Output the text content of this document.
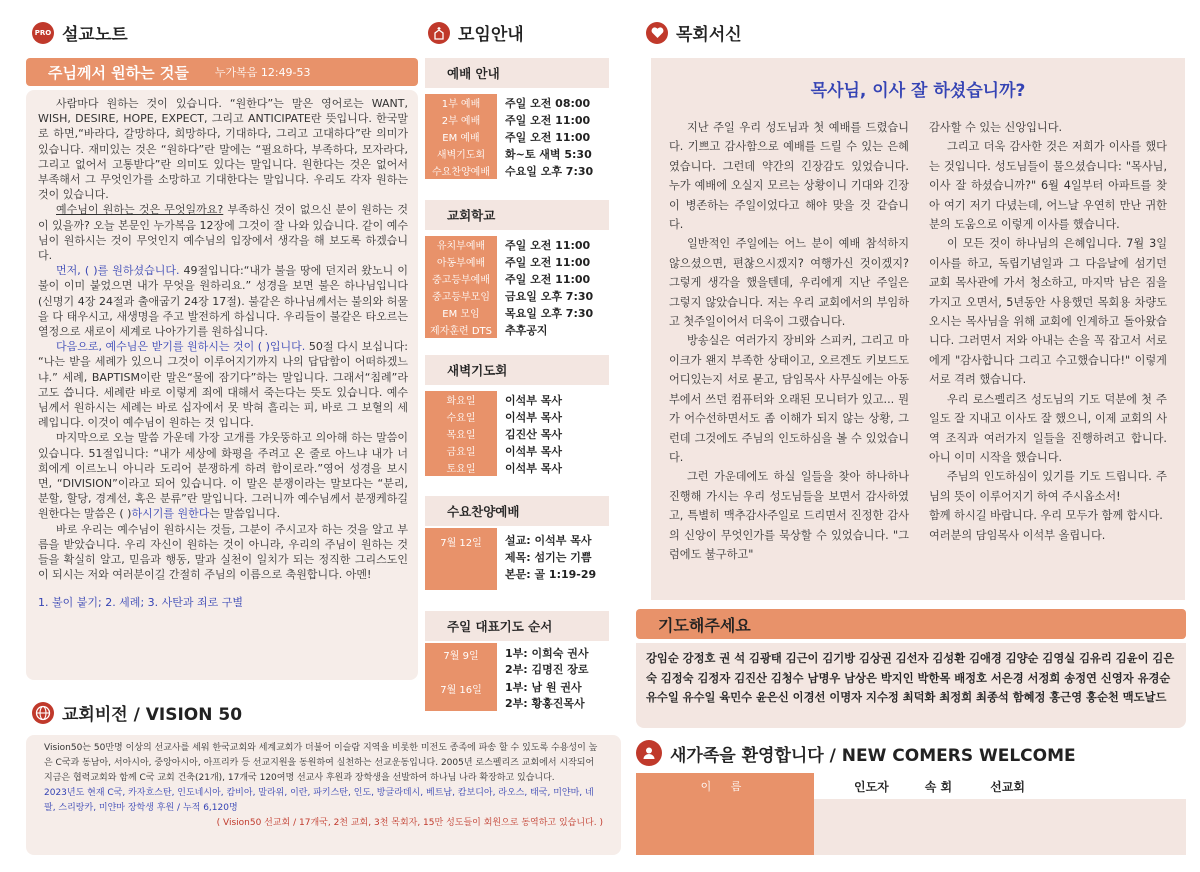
PRO 설교노트
주님께서 원하는 것들 누가복음 12:49-53

사람마다 원하는 것이 있습니다. “원한다”는 말은 영어로는 WANT, WISH, DESIRE, HOPE, EXPECT, 그리고 ANTICIPATE란 뜻입니다. 한국말로 하면,“바라다, 갈망하다, 희망하다, 기대하다, 그리고 고대하다”란 의미가 있습니다. 재미있는 것은 “원하다”란 말에는 “필요하다, 부족하다, 모자라다, 그리고 없어서 고통받다”란 의미도 있다는 말입니다. 원한다는 것은 없어서 부족해서 그 무엇인가를 소망하고 기대한다는 말입니다. 우리도 각자 원하는 것이 있습니다.

예수님이 원하는 것은 무엇일까요? 부족하신 것이 없으신 분이 원하는 것이 있을까? 오늘 본문인 누가복음 12장에 그것이 잘 나와 있습니다. 같이 예수님이 원하시는 것이 무엇인지 예수님의 입장에서 생각을 해 보도록 하겠습니다.

먼저, ( )를 원하셨습니다. 49절입니다:“내가 불을 땅에 던지러 왔노니 이 불이 이미 붙었으면 내가 무엇을 원하리요.” 성경을 보면 불은 하나님입니다 (신명기 4장 24절과 출애굽기 24장 17절). 불같은 하나님께서는 불의와 허물을 다 태우시고, 새생명을 주고 발전하게 하십니다. 우리들이 불같은 타오르는 열정으로 새로이 세계로 나아가기를 원하십니다.

다음으로, 예수님은 받기를 원하시는 것이 ( )입니다. 50절 다시 보십니다: “나는 받을 세례가 있으니 그것이 이루어지기까지 나의 답답함이 어떠하겠느냐.” 세례, BAPTISM이란 말은“물에 잠기다”하는 말입니다. 그래서“침례”라고도 씁니다. 세례란 바로 이렇게 죄에 대해서 죽는다는 뜻도 있습니다. 예수님께서 원하시는 세례는 바로 십자에서 못 박혀 흘리는 피, 바로 그 보혈의 세례입니다. 이것이 예수님이 원하는 것 입니다.

마지막으로 오늘 말씀 가운데 가장 고개를 갸웃뚱하고 의아해 하는 말씀이 있습니다. 51절입니다: “내가 세상에 화평을 주려고 온 줄로 아느냐 내가 너희에게 이르노니 아니라 도리어 분쟁하게 하려 함이로라.”영어 성경을 보시면, “DIVISION”이라고 되어 있습니다. 이 말은 분쟁이라는 말보다는 “분리, 분할, 할당, 경계선, 혹은 분류”란 말입니다. 그러니까 예수님께서 분쟁케하길 원한다는 말씀은 ( )하시기를 원한다는 말씀입니다.

바로 우리는 예수님이 원하시는 것들, 그분이 주시고자 하는 것을 알고 부름을 받았습니다. 우리 자신이 원하는 것이 아니라, 우리의 주님이 원하는 것들을 확실히 알고, 믿음과 행동, 말과 실천이 일치가 되는 정직한 그리스도인이 되시는 저와 여러분이길 간절히 주님의 이름으로 축원합니다. 아멘!

1. 불이 붙기; 2. 세례; 3. 사탄과 죄로 구별

교회비전 / VISION 50
Vision50는 50만명 이상의 선교사를 세워 한국교회와 세계교회가 더불어 이슬람 지역을 비롯한 미전도 종족에 파송 할 수 있도록 수용성이 높은 C국과 동남아, 서아시아, 중앙아시아, 아프리카 등 선교지원을 동원하여 실천하는 선교운동입니다. 2005년 로스펠리즈 교회에서 시작되어 지금은 협력교회와 함께 C국 교회 건축(21개), 17개국 120여명 선교사 후원과 장학생을 선발하여 하나님 나라 확장하고 있습니다.
2023년도 현재 C국, 카자흐스탄, 인도네시아, 캄비아, 말라위, 이란, 파키스탄, 인도, 방글라데시, 베트남, 캄보디아, 라오스, 태국, 미얀마, 네팔, 스리랑카, 미얀마 장학생 후원 / 누적 6,120명
( Vision50 선교회 / 17개국, 2천 교회, 3천 목회자, 15만 성도들이 회원으로 동역하고 있습니다. )
모임안내
예배 안내
1부 예배	주일 오전 08:00
2부 예배	주일 오전 11:00
EM 예배	주일 오전 11:00
새벽기도회	화~토 새벽 5:30
수요찬양예배	수요일 오후 7:30
교회학교
유치부예배	주일 오전 11:00
아동부예배	주일 오전 11:00
중고등부예배	주일 오전 11:00
중고등부모임	금요일 오후 7:30
EM 모임	목요일 오후 7:30
제자훈련 DTS	추후공지
새벽기도회
화요일	이석부 목사
수요일	이석부 목사
목요일	김진산 목사
금요일	이석부 목사
토요일	이석부 목사
수요찬양예배
7월 12일	설교: 이석부 목사
제목: 섬기는 기쁨
본문: 골 1:19-29
주일 대표기도 순서
7월 9일	1부: 이희숙 권사
2부: 김명진 장로
7월 16일	1부: 남 원 권사
2부: 황홍진목사
목회서신
목사님, 이사 잘 하셨습니까?

지난 주일 우리 성도님과 첫 예배를 드렸습니다. 기쁘고 감사함으로 예배를 드릴 수 있는 은혜였습니다. 그런데 약간의 긴장감도 있었습니다. 누가 예배에 오실지 모르는 상황이니 기대와 긴장이 병존하는 주일이었다고 해야 맞을 것 같습니다.

일반적인 주일에는 어느 분이 예배 참석하지 않으셨으면, 편찮으시겠지? 여행가신 것이겠지? 그렇게 생각을 했을텐데, 우리에게 지난 주일은 그렇지 않았습니다. 저는 우리 교회에서의 부임하고 첫주일이어서 더욱이 그랬습니다.

방송실은 여러가지 장비와 스피커, 그리고 마이크가 왠지 부족한 상태이고, 오르겐도 키보드도 어디있는지 서로 묻고, 담임목사 사무실에는 아동부에서 쓰던 컴퓨터와 오래된 모니터가 있고... 뭔가 어수선하면서도 좀 이해가 되지 않는 상황, 그런데 그것에도 주님의 인도하심을 볼 수 있었습니다.

그런 가운데에도 하실 일들을 찾아 하나하나 진행해 가시는 우리 성도님들을 보면서 감사하였고, 특별히 맥추감사주일로 드리면서 진정한 감사의 신앙이 무엇인가를 묵상할 수 있었습니다. "그럼에도 불구하고"

감사할 수 있는 신앙입니다.

그리고 더욱 감사한 것은 저희가 이사를 했다는 것입니다. 성도님들이 물으셨습니다: "목사님, 이사 잘 하셨습니까?" 6월 4일부터 아파트를 찾아 여기 저기 다녔는데, 어느날 우연히 만난 귀한 분의 도움으로 이렇게 이사를 했습니다.

이 모든 것이 하나님의 은혜입니다. 7월 3일 이사를 하고, 독립기념일과 그 다음날에 섬기던 교회 목사관에 가서 청소하고, 마지막 남은 짐을 가지고 오면서, 5년동안 사용했던 목회용 차량도 오시는 목사님을 위해 교회에 인계하고 돌아왔습니다. 그러면서 저와 아내는 손을 꼭 잡고서 서로에게 "감사합니다 그리고 수고했습니다!" 이렇게 서로 격려 했습니다.

우리 로스펠리즈 성도님의 기도 덕분에 첫 주일도 잘 지내고 이사도 잘 했으니, 이제 교회의 사역 조직과 여러가지 일들을 진행하려고 합니다. 아니 이미 시작을 했습니다.

주님의 인도하심이 있기를 기도 드립니다. 주님의 뜻이 이루어지기 하여 주시옵소서!

함께 하시길 바랍니다. 우리 모두가 함께 합시다.

여러분의 담임목사 이석부 올립니다.

기도해주세요
강임순 강정호 권 석 김광태 김근이 김기방 김상권 김선자 김성환 김애경 김양순 김영실 김유리 김윤이 김은숙 김정숙 김정자 김진산 김청수 남명우 남상은 박지인 박한목 배정호 서은경 서정희 송정연 신영자 유경순 유수일 유수일 육민수 윤은신 이경선 이명자 지수정 최덕화 최정희 최종석 함혜정 홍근영 홍순천 맥도날드
새가족을 환영합니다 / NEW COMERS WELCOME
이 름	인도자	속 회	선교회
